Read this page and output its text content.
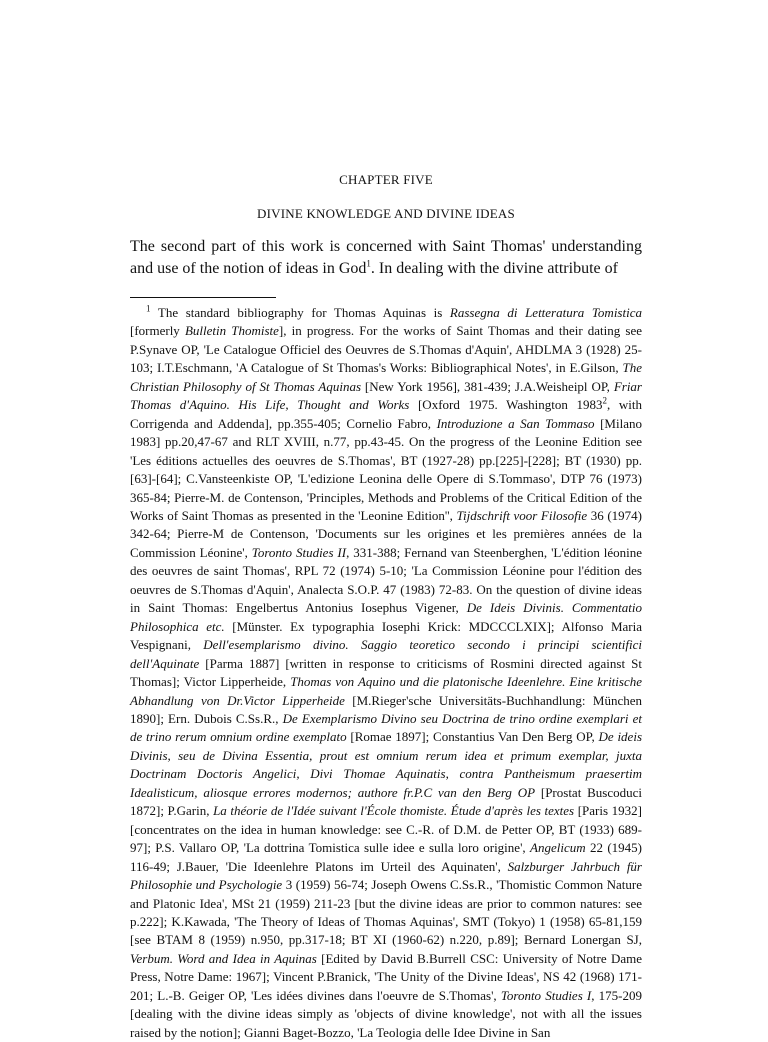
CHAPTER FIVE
DIVINE KNOWLEDGE AND DIVINE IDEAS

The second part of this work is concerned with Saint Thomas' understanding and use of the notion of ideas in God$^1$. In dealing with the divine attribute of

$^1$ The standard bibliography for Thomas Aquinas is Rassegna di Letteratura Tomistica [formerly Bulletin Thomiste], in progress. For the works of Saint Thomas and their dating see P.Synave OP, 'Le Catalogue Officiel des Oeuvres de S.Thomas d'Aquin', AHDLMA 3 (1928) 25-103; I.T.Eschmann, 'A Catalogue of St Thomas's Works: Bibliographical Notes', in E.Gilson, The Christian Philosophy of St Thomas Aquinas [New York 1956], 381-439; J.A.Weisheipl OP, Friar Thomas d'Aquino. His Life, Thought and Works [Oxford 1975. Washington 1983$^2$, with Corrigenda and Addenda], pp.355-405; Cornelio Fabro, Introduzione a San Tommaso [Milano 1983] pp.20,47-67 and RLT XVIII, n.77, pp.43-45. On the progress of the Leonine Edition see 'Les éditions actuelles des oeuvres de S.Thomas', BT (1927-28) pp.[225]-[228]; BT (1930) pp.[63]-[64]; C.Vansteenkiste OP, 'L'edizione Leonina delle Opere di S.Tommaso', DTP 76 (1973) 365-84; Pierre-M. de Contenson, 'Principles, Methods and Problems of the Critical Edition of the Works of Saint Thomas as presented in the 'Leonine Edition'', Tijdschrift voor Filosofie 36 (1974) 342-64; Pierre-M de Contenson, 'Documents sur les origines et les premières années de la Commission Léonine', Toronto Studies II, 331-388; Fernand van Steenberghen, 'L'édition léonine des oeuvres de saint Thomas', RPL 72 (1974) 5-10; 'La Commission Léonine pour l'édition des oeuvres de S.Thomas d'Aquin', Analecta S.O.P. 47 (1983) 72-83. On the question of divine ideas in Saint Thomas: Engelbertus Antonius Iosephus Vigener, De Ideis Divinis. Commentatio Philosophica etc. [Münster. Ex typographia Iosephi Krick: MDCCCLXIX]; Alfonso Maria Vespignani, Dell'esemplarismo divino. Saggio teoretico secondo i principi scientifici dell'Aquinate [Parma 1887] [written in response to criticisms of Rosmini directed against St Thomas]; Victor Lipperheide, Thomas von Aquino und die platonische Ideenlehre. Eine kritische Abhandlung von Dr.Victor Lipperheide [M.Rieger'sche Universitäts-Buchhandlung: München 1890]; Ern. Dubois C.Ss.R., De Exemplarismo Divino seu Doctrina de trino ordine exemplari et de trino rerum omnium ordine exemplato [Romae 1897]; Constantius Van Den Berg OP, De ideis Divinis, seu de Divina Essentia, prout est omnium rerum idea et primum exemplar, juxta Doctrinam Doctoris Angelici, Divi Thomae Aquinatis, contra Pantheismum praesertim Idealisticum, aliosque errores modernos; authore fr.P.C van den Berg OP [Prostat Buscoduci 1872]; P.Garin, La théorie de l'Idée suivant l'École thomiste. Étude d'après les textes [Paris 1932] [concentrates on the idea in human knowledge: see C.-R. of D.M. de Petter OP, BT (1933) 689-97]; P.S. Vallaro OP, 'La dottrina Tomistica sulle idee e sulla loro origine', Angelicum 22 (1945) 116-49; J.Bauer, 'Die Ideenlehre Platons im Urteil des Aquinaten', Salzburger Jahrbuch für Philosophie und Psychologie 3 (1959) 56-74; Joseph Owens C.Ss.R., 'Thomistic Common Nature and Platonic Idea', MSt 21 (1959) 211-23 [but the divine ideas are prior to common natures: see p.222]; K.Kawada, 'The Theory of Ideas of Thomas Aquinas', SMT (Tokyo) 1 (1958) 65-81,159 [see BTAM 8 (1959) n.950, pp.317-18; BT XI (1960-62) n.220, p.89]; Bernard Lonergan SJ, Verbum. Word and Idea in Aquinas [Edited by David B.Burrell CSC: University of Notre Dame Press, Notre Dame: 1967]; Vincent P.Branick, 'The Unity of the Divine Ideas', NS 42 (1968) 171-201; L.-B. Geiger OP, 'Les idées divines dans l'oeuvre de S.Thomas', Toronto Studies I, 175-209 [dealing with the divine ideas simply as 'objects of divine knowledge', not with all the issues raised by the notion]; Gianni Baget-Bozzo, 'La Teologia delle Idee Divine in San
